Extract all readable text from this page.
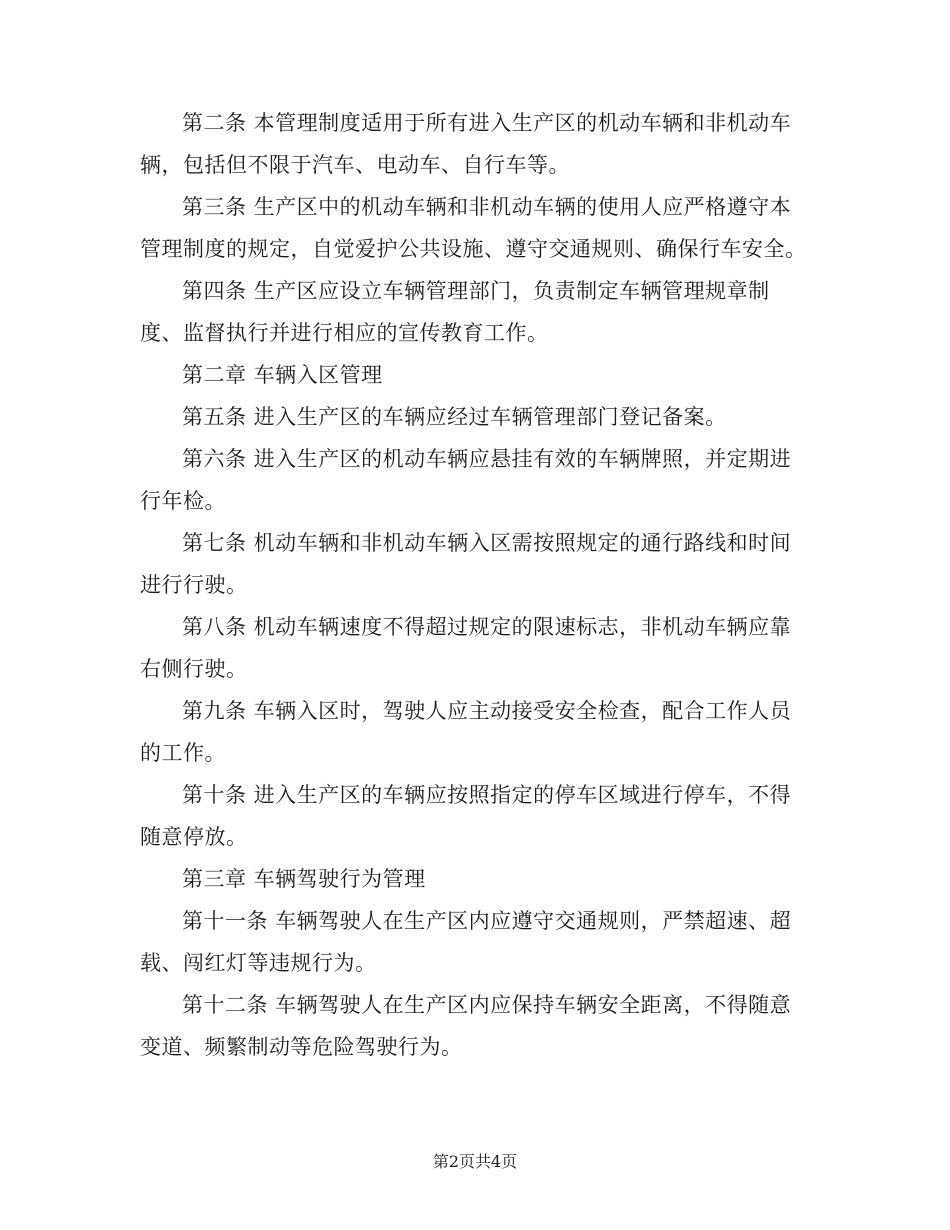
第二条 本管理制度适用于所有进入生产区的机动车辆和非机动车辆，包括但不限于汽车、电动车、自行车等。

第三条 生产区中的机动车辆和非机动车辆的使用人应严格遵守本管理制度的规定，自觉爱护公共设施、遵守交通规则、确保行车安全。

第四条 生产区应设立车辆管理部门，负责制定车辆管理规章制度、监督执行并进行相应的宣传教育工作。

第二章 车辆入区管理

第五条 进入生产区的车辆应经过车辆管理部门登记备案。

第六条 进入生产区的机动车辆应悬挂有效的车辆牌照，并定期进行年检。

第七条 机动车辆和非机动车辆入区需按照规定的通行路线和时间进行行驶。

第八条 机动车辆速度不得超过规定的限速标志，非机动车辆应靠右侧行驶。

第九条 车辆入区时，驾驶人应主动接受安全检查，配合工作人员的工作。

第十条 进入生产区的车辆应按照指定的停车区域进行停车，不得随意停放。

第三章 车辆驾驶行为管理

第十一条 车辆驾驶人在生产区内应遵守交通规则，严禁超速、超载、闯红灯等违规行为。

第十二条 车辆驾驶人在生产区内应保持车辆安全距离，不得随意变道、频繁制动等危险驾驶行为。

第2页共4页
